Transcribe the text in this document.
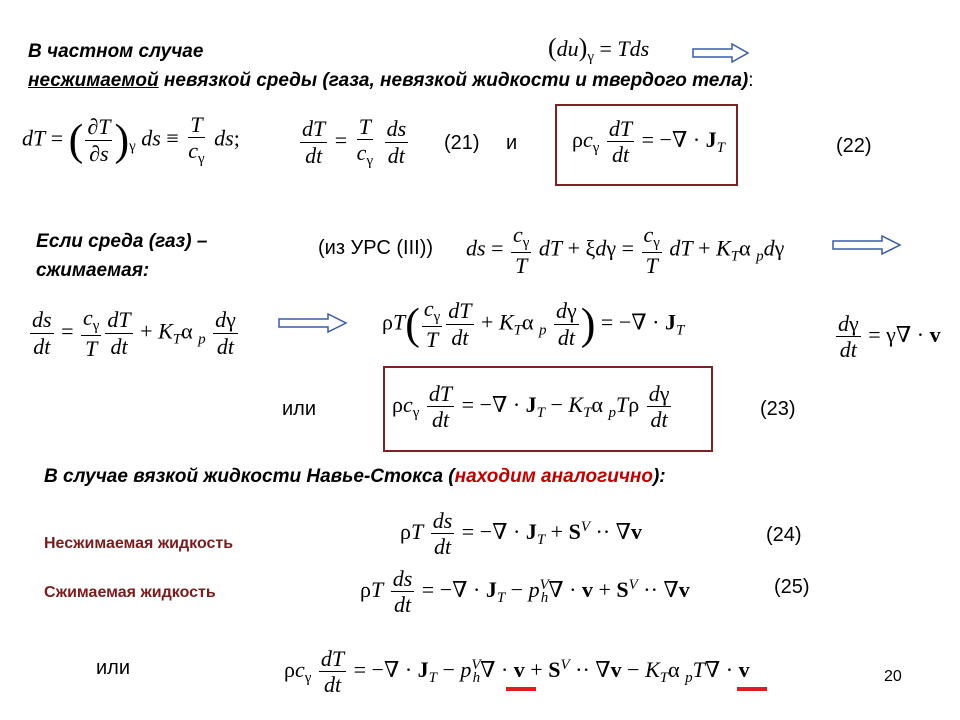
В частном случае
несжимаемой невязкой среды (газа, невязкой жидкости и твердого тела):
$(du)_\gamma$ = Tds
dT = ( $\frac{\partial T}{\partial s} )_\gamma$ ds ≡ $\frac{T}{c_\gamma}$ ds;	$\frac{dT}{dt} = \frac{T}{c_\gamma}$
$\frac{ds}{dt} (21)$ и $\rho c_\gamma \frac{dT}{dt}$ = −∇ · $J_T$	(22)
Если среда (газ) –
сжимаемая:
(из УРС (III)) ds = $\frac{c_\gamma}{T}$ dT + $\xi d\gamma = \frac{c_\gamma}{T}$ dT + $K_T\alpha$ $_p$dγ
$\frac{ds}{dt} = \frac{c_\gamma}{T} \frac{dT}{dt} + K_T\alpha$ $_p \frac{d\gamma}{dt}$	$\rho T( \frac{c_\gamma}{T} \frac{dT}{dt} + K_T\alpha$ $_p \frac{d\gamma}{dt}$ ) = −∇ · $J_T$	$\frac{d\gamma}{dt} = \gamma\nabla \cdot v$
или	$\rho c_\gamma \frac{dT}{dt}$ = −∇ · $J_T - K_T\alpha$ $_pT\rho \frac{d\gamma}{dt}$	(23)
В случае вязкой жидкости Навье-Стокса (находим аналогично):
Несжимаемая жидкость	ρT $\frac{ds}{dt}$ = −∇ · $J_T + S^V \cdot\cdot \nabla v$	(24)
Сжимаемая жидкость	ρT $\frac{ds}{dt}$ = −∇ · $J_T - p^V_h\nabla \cdot v + S^V \cdot\cdot \nabla v$	(25)
или	$\rho c_\gamma \frac{dT}{dt}$ = −∇ · $J_T - p^V_h\nabla \cdot v + S^V \cdot\cdot \nabla v - K_T\alpha$ $_p$T∇ · v	20
